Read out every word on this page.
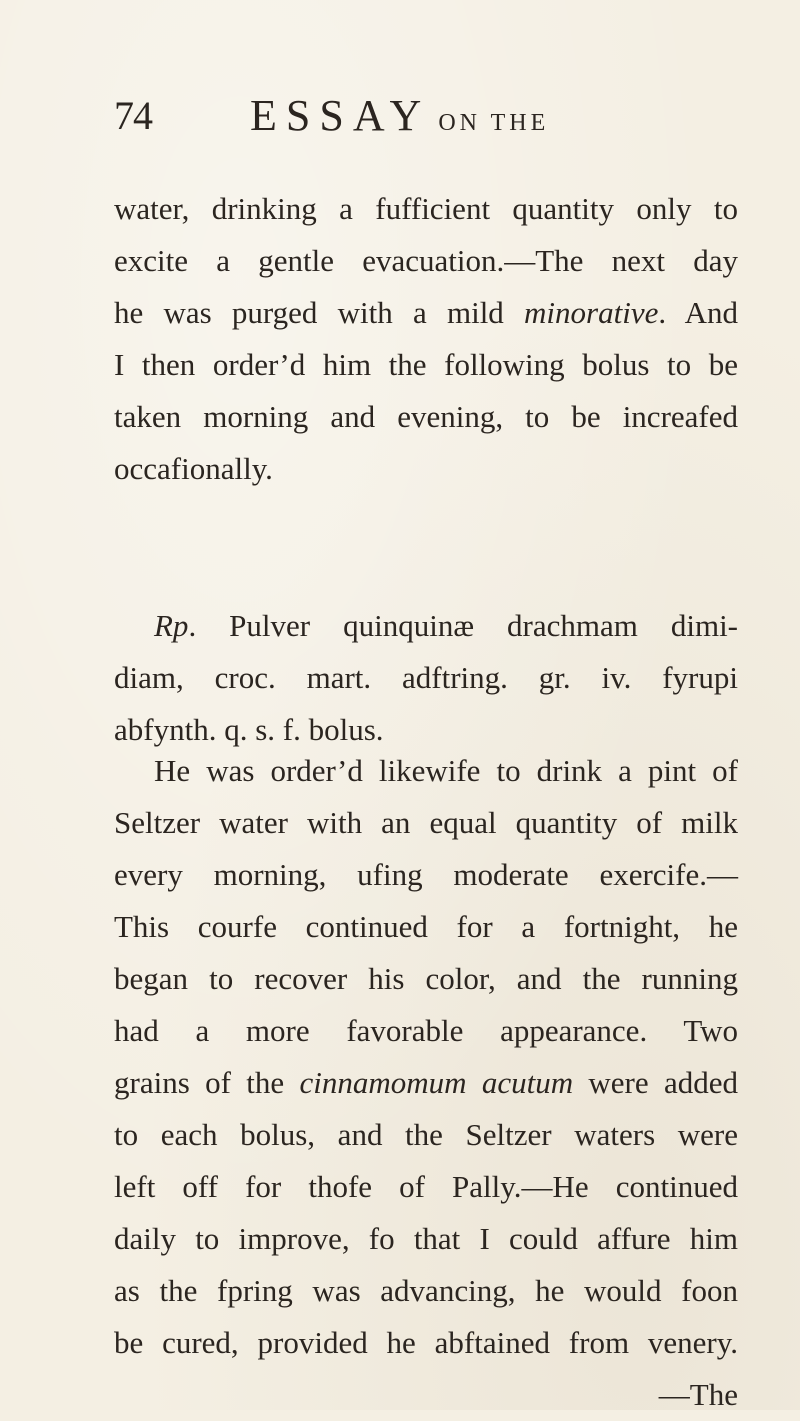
74 ESSAY ON THE
water, drinking a fufficient quantity only to
excite a gentle evacuation.—The next day
he was purged with a mild minorative. And
I then order’d him the following bolus to be
taken morning and evening, to be increafed
occafionally.
Rp. Pulver quinquinæ drachmam dimi-
diam, croc. mart. adftring. gr. iv. fyrupi
abfynth. q. s. f. bolus.
He was order’d likewife to drink a pint of
Seltzer water with an equal quantity of milk
every morning, ufing moderate exercife.—
This courfe continued for a fortnight, he
began to recover his color, and the running
had a more favorable appearance. Two
grains of the cinnamomum acutum were added
to each bolus, and the Seltzer waters were
left off for thofe of Pally.—He continued
daily to improve, fo that I could affure him
as the fpring was advancing, he would foon
be cured, provided he abftained from venery.
—The
